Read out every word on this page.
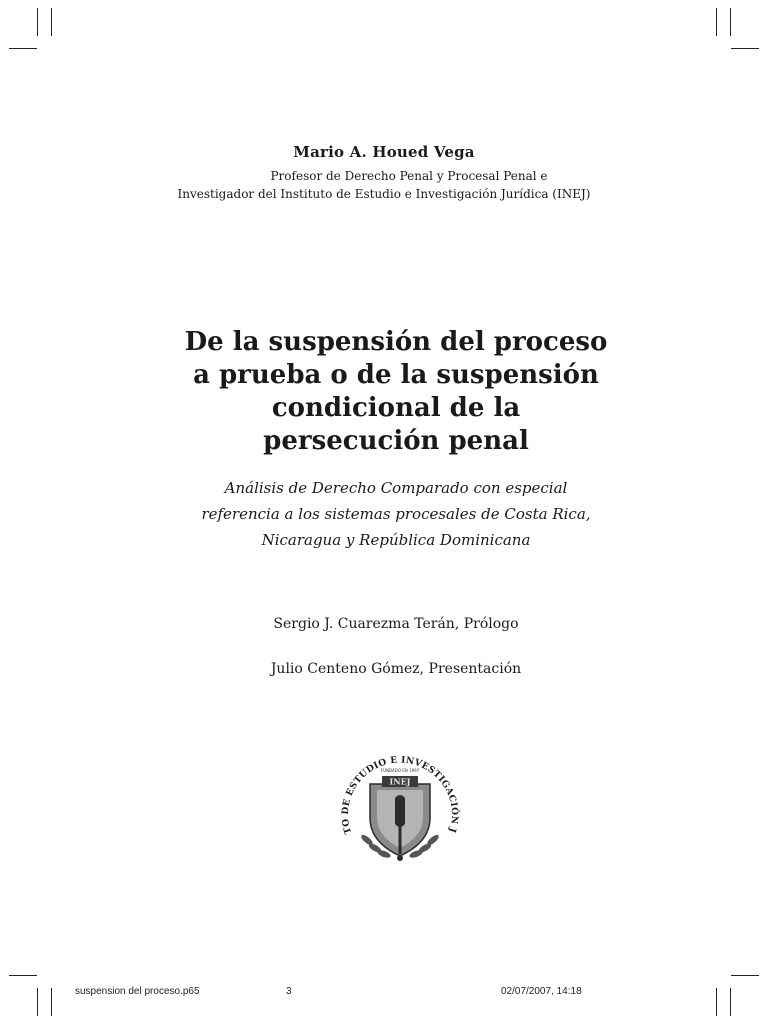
Mario A. Houed Vega
Profesor de Derecho Penal y Procesal Penal e
Investigador del Instituto de Estudio e Investigación Jurídica (INEJ)
De la suspensión del proceso
a prueba o de la suspensión
condicional de la
persecución penal
Análisis de Derecho Comparado con especial
referencia a los sistemas procesales de Costa Rica,
Nicaragua y República Dominicana
Sergio J. Cuarezma Terán, Prólogo
Julio Centeno Gómez, Presentación
INEJ
FUNDADO EN 1997
TO DE ESTUDIO E INVESTIGACIÓN J
suspension del proceso.p65	3	02/07/2007, 14:18
